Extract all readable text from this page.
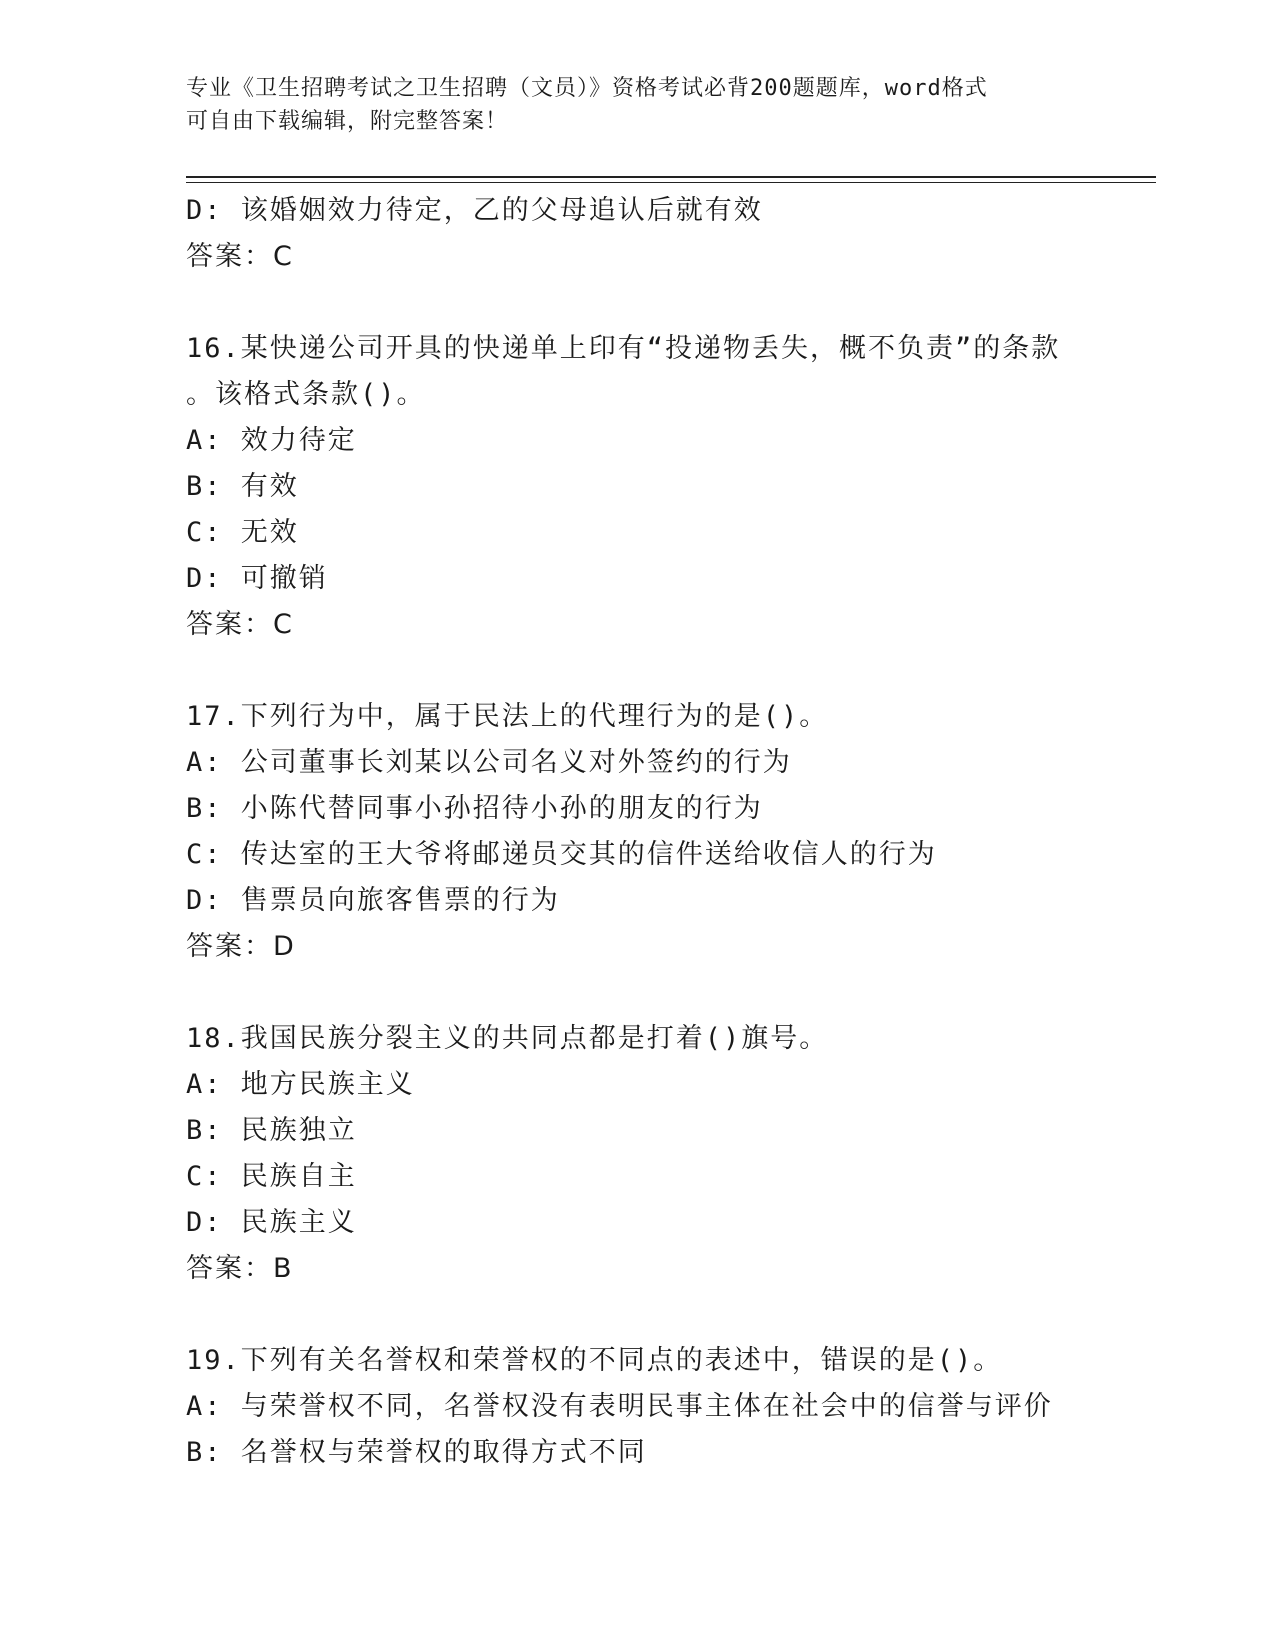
专业《卫生招聘考试之卫生招聘（文员）》资格考试必背200题题库，word格式
可自由下载编辑，附完整答案！
D: 该婚姻效力待定，乙的父母追认后就有效
答案：C
16.某快递公司开具的快递单上印有“投递物丢失，概不负责”的条款
。该格式条款()。
A: 效力待定
B: 有效
C: 无效
D: 可撤销
答案：C
17.下列行为中，属于民法上的代理行为的是()。
A: 公司董事长刘某以公司名义对外签约的行为
B: 小陈代替同事小孙招待小孙的朋友的行为
C: 传达室的王大爷将邮递员交其的信件送给收信人的行为
D: 售票员向旅客售票的行为
答案：D
18.我国民族分裂主义的共同点都是打着()旗号。
A: 地方民族主义
B: 民族独立
C: 民族自主
D: 民族主义
答案：B
19.下列有关名誉权和荣誉权的不同点的表述中，错误的是()。
A: 与荣誉权不同，名誉权没有表明民事主体在社会中的信誉与评价
B: 名誉权与荣誉权的取得方式不同
